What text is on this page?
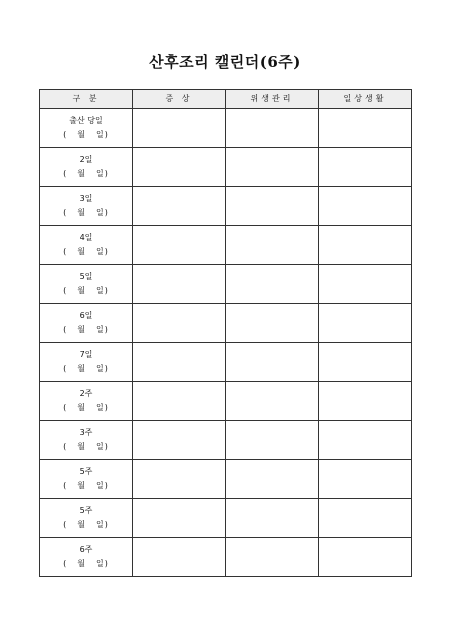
산후조리 캘린더(6주)
구 분	증 상	위생관리	일상생활

출산 당일
( 월 일)			

2일
( 월 일)			

3일
( 월 일)			

4일
( 월 일)			

5일
( 월 일)			

6일
( 월 일)			

7일
( 월 일)			

2주
( 월 일)			

3주
( 월 일)			

5주
( 월 일)			

5주
( 월 일)			

6주
( 월 일)			
